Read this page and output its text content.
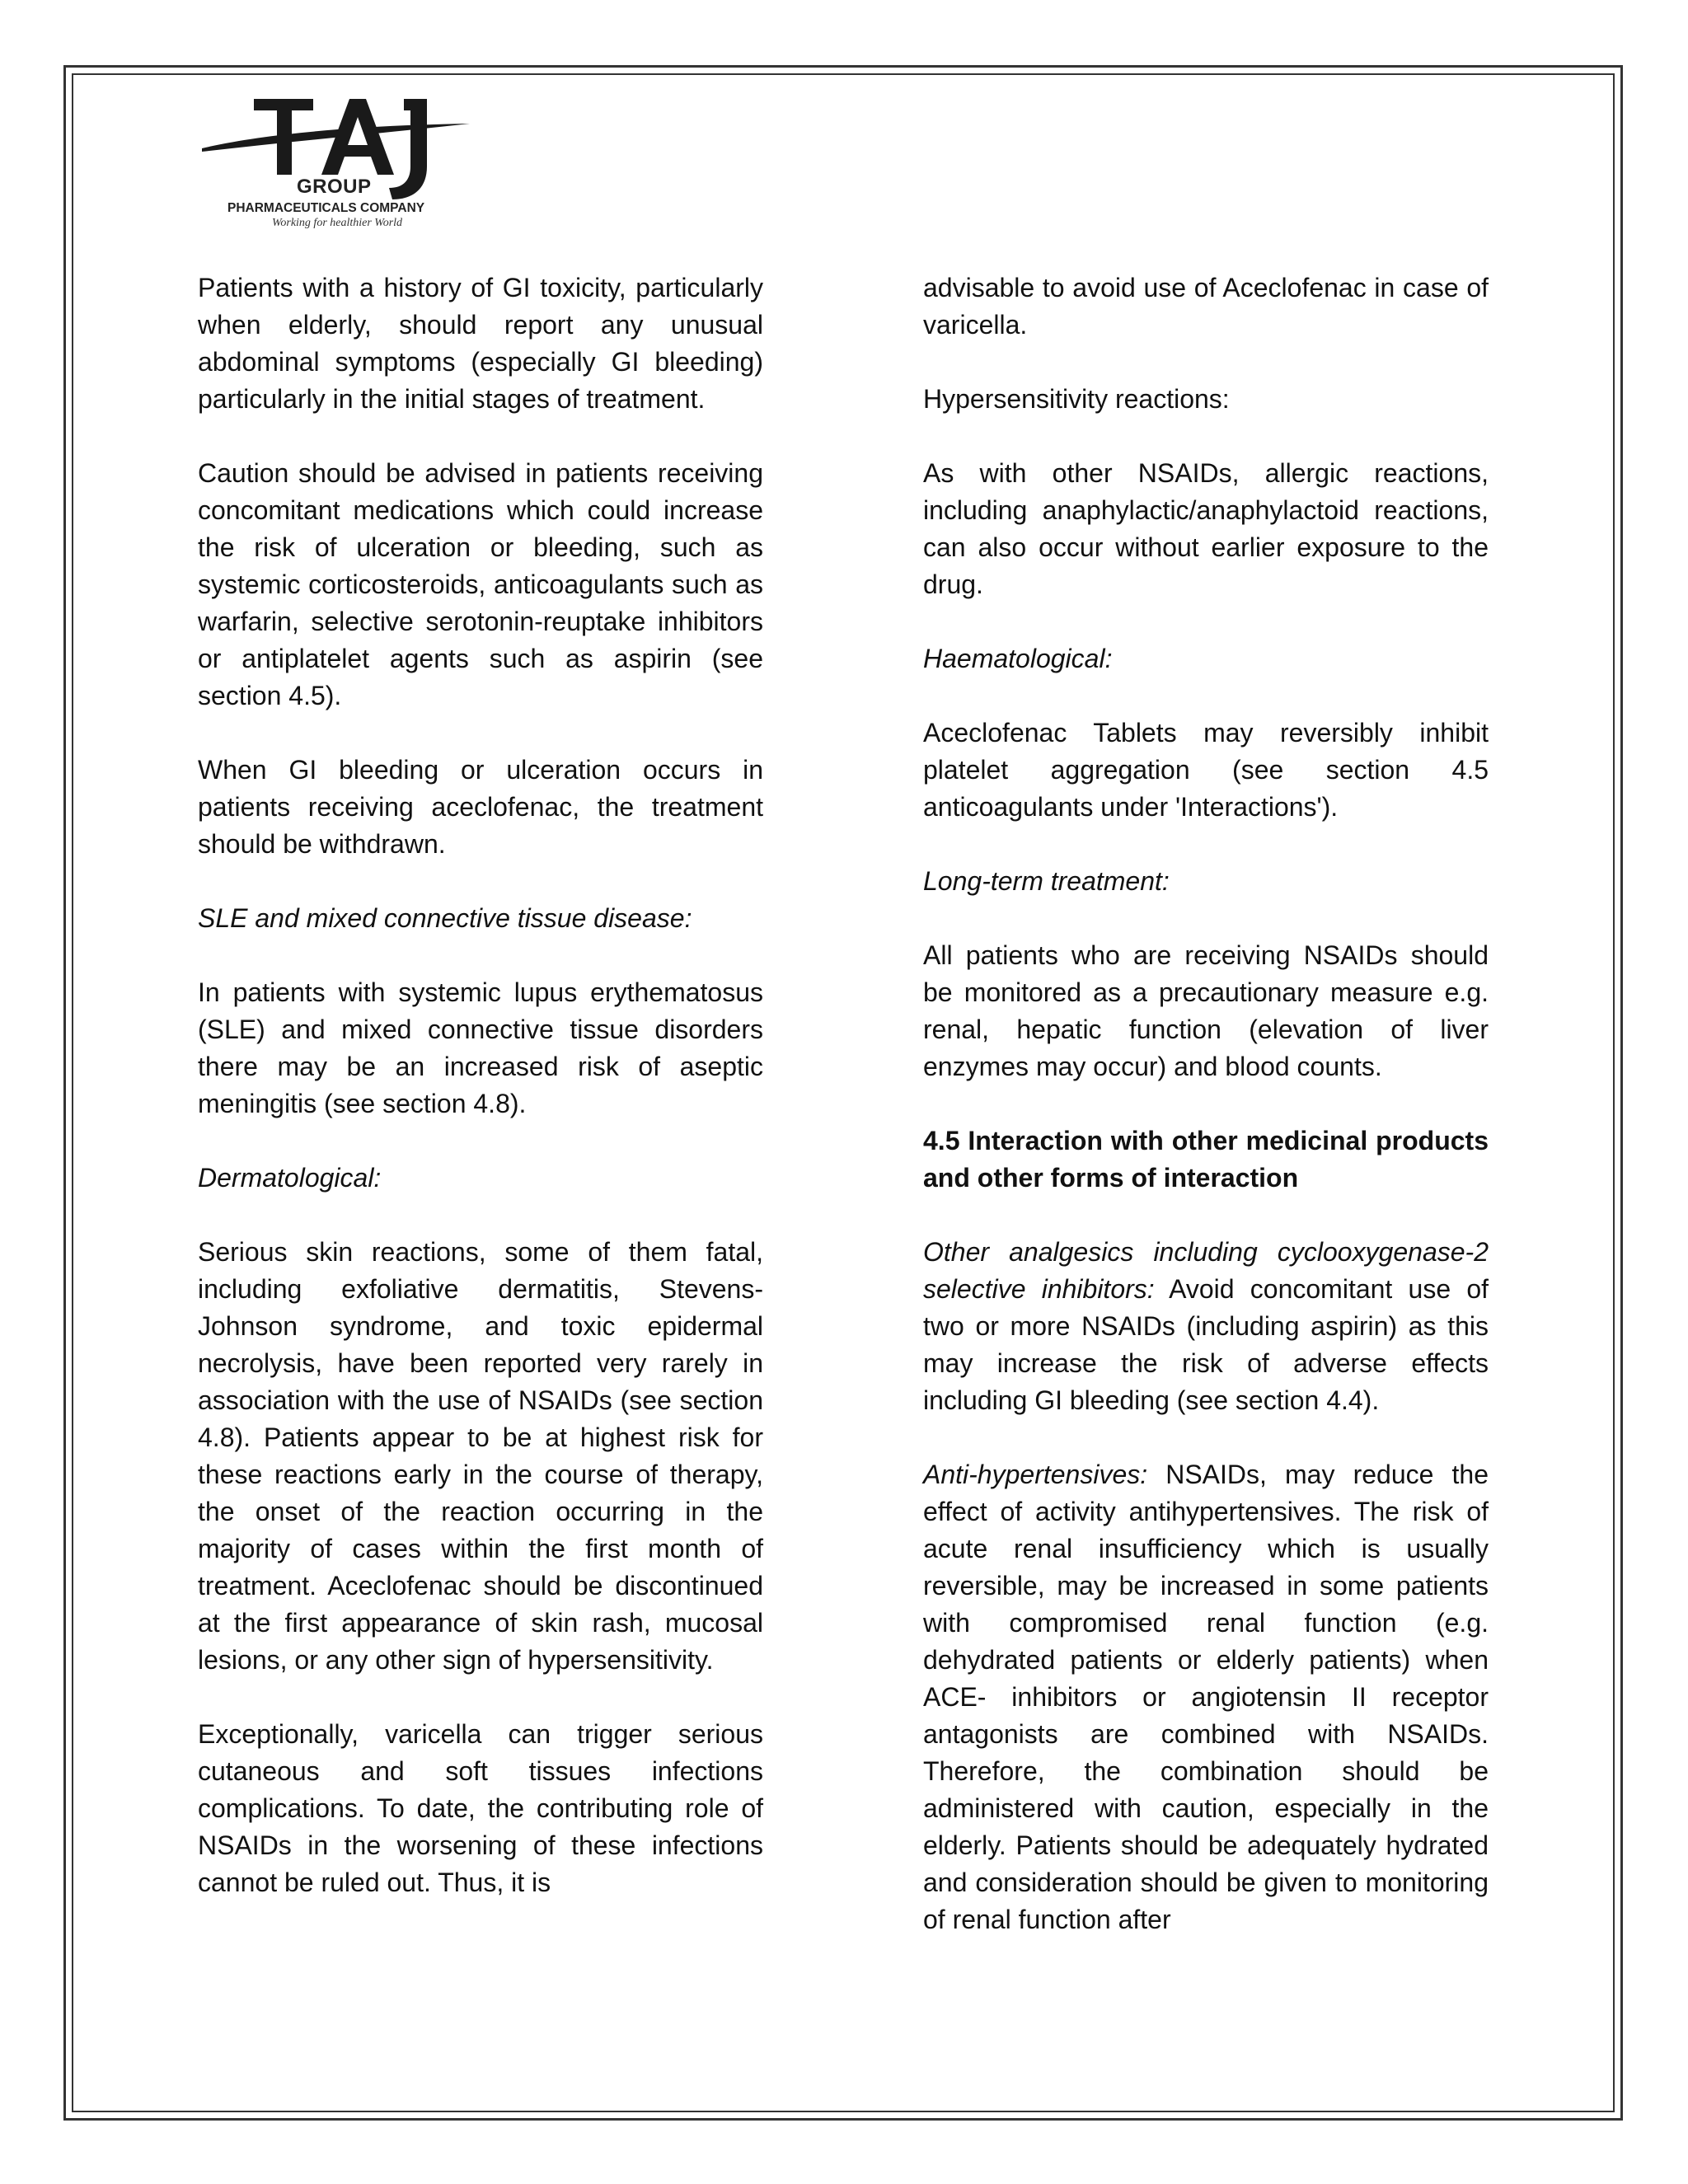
GROUP
PHARMACEUTICALS COMPANY
Working for healthier World

Patients with a history of GI toxicity, particularly when elderly, should report any unusual abdominal symptoms (especially GI bleeding) particularly in the initial stages of treatment.

Caution should be advised in patients receiving concomitant medications which could increase the risk of ulceration or bleeding, such as systemic corticosteroids, anticoagulants such as warfarin, selective serotonin-reuptake inhibitors or antiplatelet agents such as aspirin (see section 4.5).

When GI bleeding or ulceration occurs in patients receiving aceclofenac, the treatment should be withdrawn.

SLE and mixed connective tissue disease:

In patients with systemic lupus erythematosus (SLE) and mixed connective tissue disorders there may be an increased risk of aseptic meningitis (see section 4.8).

Dermatological:

Serious skin reactions, some of them fatal, including exfoliative dermatitis, Stevens-Johnson syndrome, and toxic epidermal necrolysis, have been reported very rarely in association with the use of NSAIDs (see section 4.8). Patients appear to be at highest risk for these reactions early in the course of therapy, the onset of the reaction occurring in the majority of cases within the first month of treatment. Aceclofenac should be discontinued at the first appearance of skin rash, mucosal lesions, or any other sign of hypersensitivity.

Exceptionally, varicella can trigger serious cutaneous and soft tissues infections complications. To date, the contributing role of NSAIDs in the worsening of these infections cannot be ruled out. Thus, it is

advisable to avoid use of Aceclofenac in case of varicella.

Hypersensitivity reactions:

As with other NSAIDs, allergic reactions, including anaphylactic/anaphylactoid reactions, can also occur without earlier exposure to the drug.

Haematological:

Aceclofenac Tablets may reversibly inhibit platelet aggregation (see section 4.5 anticoagulants under 'Interactions').

Long-term treatment:

All patients who are receiving NSAIDs should be monitored as a precautionary measure e.g. renal, hepatic function (elevation of liver enzymes may occur) and blood counts.

4.5 Interaction with other medicinal products and other forms of interaction

Other analgesics including cyclooxygenase-2 selective inhibitors: Avoid concomitant use of two or more NSAIDs (including aspirin) as this may increase the risk of adverse effects including GI bleeding (see section 4.4).

Anti-hypertensives: NSAIDs, may reduce the effect of activity antihypertensives. The risk of acute renal insufficiency which is usually reversible, may be increased in some patients with compromised renal function (e.g. dehydrated patients or elderly patients) when ACE- inhibitors or angiotensin II receptor antagonists are combined with NSAIDs. Therefore, the combination should be administered with caution, especially in the elderly. Patients should be adequately hydrated and consideration should be given to monitoring of renal function after
